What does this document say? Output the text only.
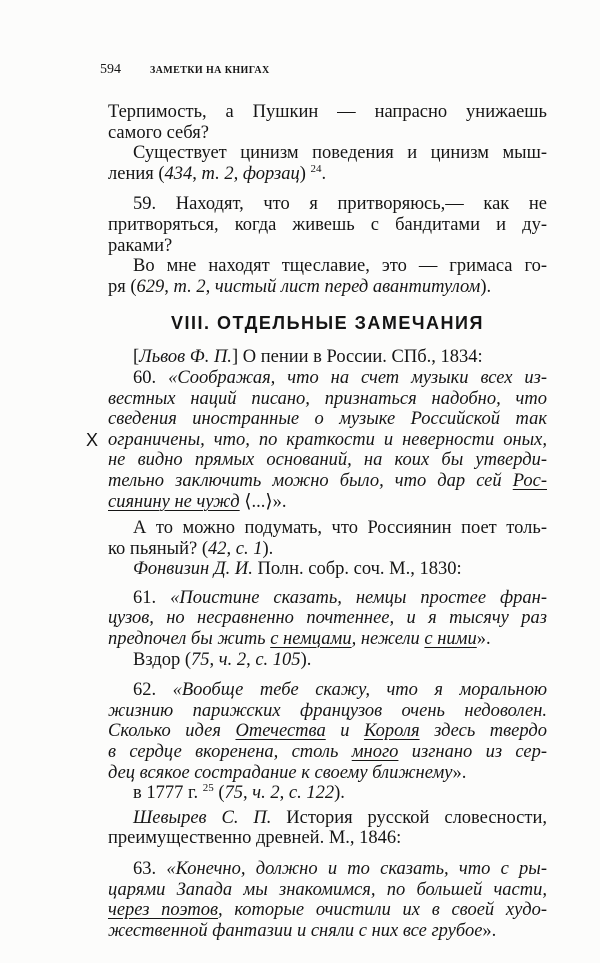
594	ЗАМЕТКИ НА КНИГАХ
Терпимость, а Пушкин — напрасно унижаешь
самого себя?
Существует цинизм поведения и цинизм мыш-
ления (434, т. 2, форзац) $^{24}$.
59. Находят, что я притворяюсь,— как не
притворяться, когда живешь с бандитами и ду-
раками?
Во мне находят тщеславие, это — гримаса го-
ря (629, т. 2, чистый лист перед авантитулом).
VIII. ОТДЕЛЬНЫЕ ЗАМЕЧАНИЯ
[Львов Ф. П.] О пении в России. СПб., 1834:
X
60. «Соображая, что на счет музыки всех из-
вестных наций писано, признаться надобно, что
сведения иностранные о музыке Российской так
ограничены, что, по краткости и неверности оных,
не видно прямых оснований, на коих бы утверди-
тельно заключить можно было, что дар сей Рос-
сиянину не чужд ⟨...⟩».
А то можно подумать, что Россиянин поет толь-
ко пьяный? (42, с. 1).
Фонвизин Д. И. Полн. собр. соч. М., 1830:
61. «Поистине сказать, немцы простее фран-
цузов, но несравненно почтеннее, и я тысячу раз
предпочел бы жить с немцами, нежели с ними».
Вздор (75, ч. 2, с. 105).
62. «Вообще тебе скажу, что я моральною
жизнию парижских французов очень недоволен.
Сколько идея Отечества и Короля здесь твердо
в сердце вкоренена, столь много изгнано из сер-
дец всякое сострадание к своему ближнему».
в 1777 г. $^{25}$ (75, ч. 2, с. 122).
Шевырев С. П. История русской словесности,
преимущественно древней. М., 1846:
63. «Конечно, должно и то сказать, что с ры-
царями Запада мы знакомимся, по большей части,
через поэтов, которые очистили их в своей худо-
жественной фантазии и сняли с них все грубое».
